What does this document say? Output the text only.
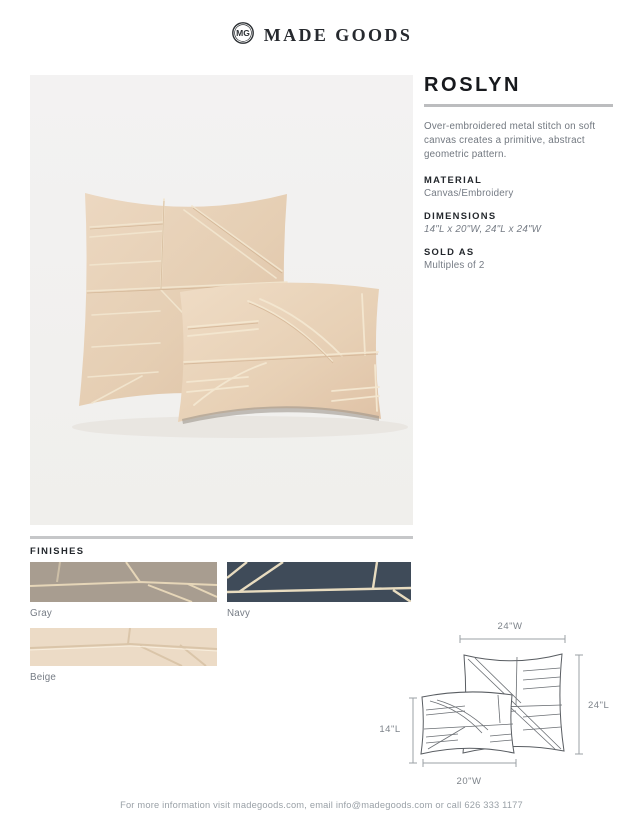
MG MADE GOODS
ROSLYN
Over-embroidered metal stitch on soft canvas creates a primitive, abstract geometric pattern.
MATERIAL
Canvas/Embroidery
DIMENSIONS
14"L x 20"W, 24"L x 24"W
SOLD AS
Multiples of 2
FINISHES
Gray	Navy
Beige
24"W
24"L
14"L
20"W
For more information visit madegoods.com, email info@madegoods.com or call 626 333 1177
